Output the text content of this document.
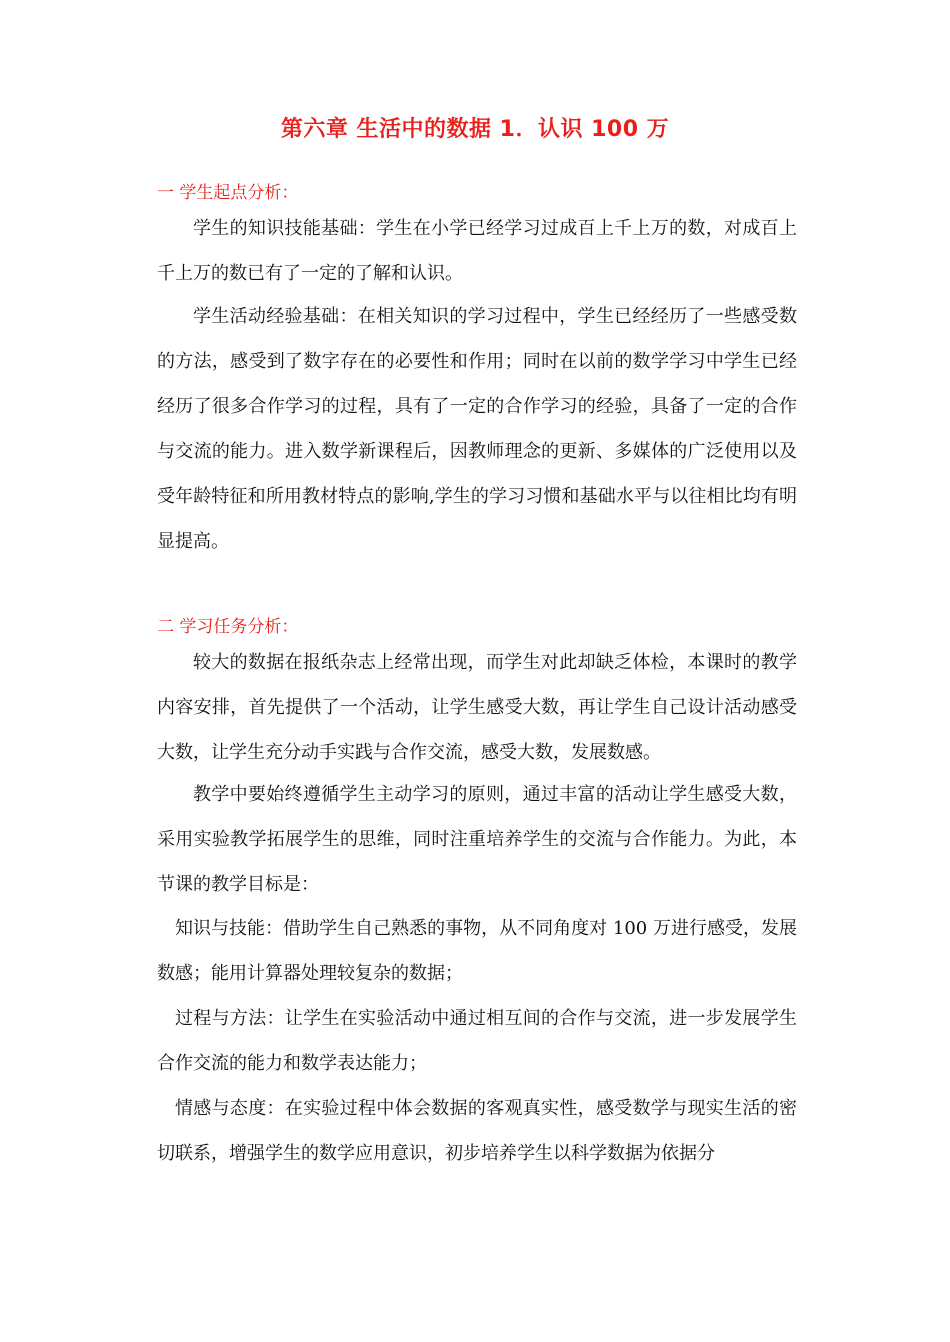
第六章 生活中的数据 1．认识 100 万
一 学生起点分析：
学生的知识技能基础：学生在小学已经学习过成百上千上万的数，对成百上千上万的数已有了一定的了解和认识。
学生活动经验基础：在相关知识的学习过程中，学生已经经历了一些感受数的方法，感受到了数字存在的必要性和作用；同时在以前的数学学习中学生已经经历了很多合作学习的过程，具有了一定的合作学习的经验，具备了一定的合作与交流的能力。进入数学新课程后，因教师理念的更新、多媒体的广泛使用以及受年龄特征和所用教材特点的影响,学生的学习习惯和基础水平与以往相比均有明显提高。
二 学习任务分析：
较大的数据在报纸杂志上经常出现，而学生对此却缺乏体检，本课时的教学内容安排，首先提供了一个活动，让学生感受大数，再让学生自己设计活动感受大数，让学生充分动手实践与合作交流，感受大数，发展数感。
教学中要始终遵循学生主动学习的原则，通过丰富的活动让学生感受大数，采用实验教学拓展学生的思维，同时注重培养学生的交流与合作能力。为此，本节课的教学目标是：
知识与技能：借助学生自己熟悉的事物，从不同角度对 100 万进行感受，发展数感；能用计算器处理较复杂的数据；
过程与方法：让学生在实验活动中通过相互间的合作与交流，进一步发展学生合作交流的能力和数学表达能力；
情感与态度：在实验过程中体会数据的客观真实性，感受数学与现实生活的密切联系，增强学生的数学应用意识，初步培养学生以科学数据为依据分
